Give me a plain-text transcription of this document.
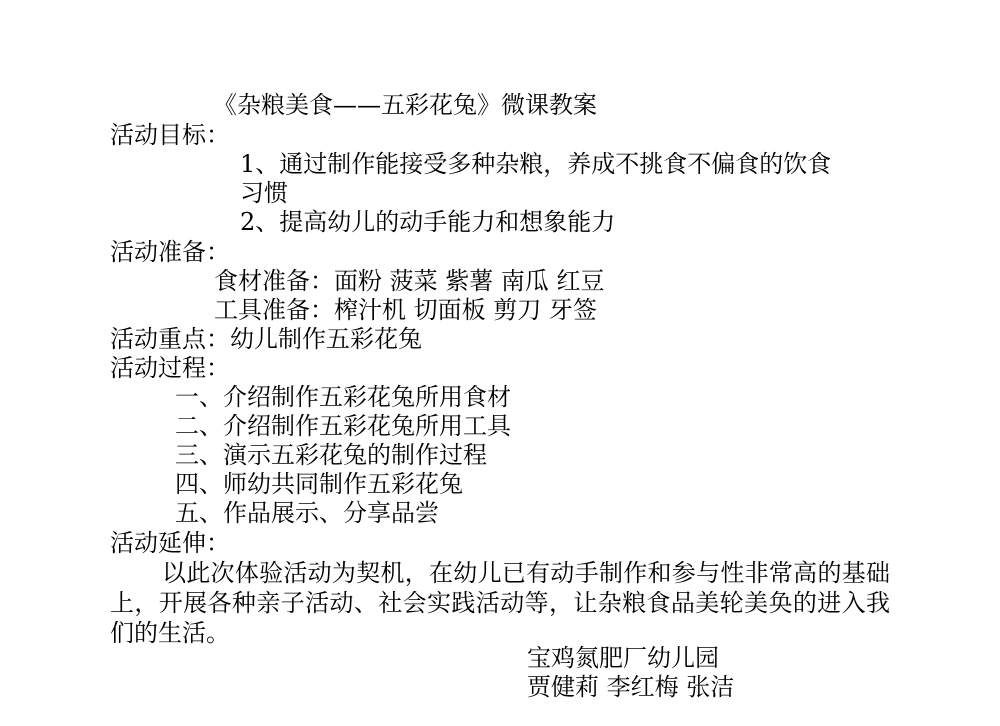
《杂粮美食——五彩花兔》微课教案
活动目标：
1、通过制作能接受多种杂粮，养成不挑食不偏食的饮食
习惯
2、提高幼儿的动手能力和想象能力
活动准备：
食材准备：面粉 菠菜 紫薯 南瓜 红豆
工具准备：榨汁机 切面板 剪刀 牙签
活动重点：幼儿制作五彩花兔
活动过程：
一、介绍制作五彩花兔所用食材
二、介绍制作五彩花兔所用工具
三、演示五彩花兔的制作过程
四、师幼共同制作五彩花兔
五、作品展示、分享品尝
活动延伸：
以此次体验活动为契机，在幼儿已有动手制作和参与性非常高的基础上，开展各种亲子活动、社会实践活动等，让杂粮食品美轮美奂的进入我们的生活。
宝鸡氮肥厂幼儿园
贾健莉 李红梅 张洁
